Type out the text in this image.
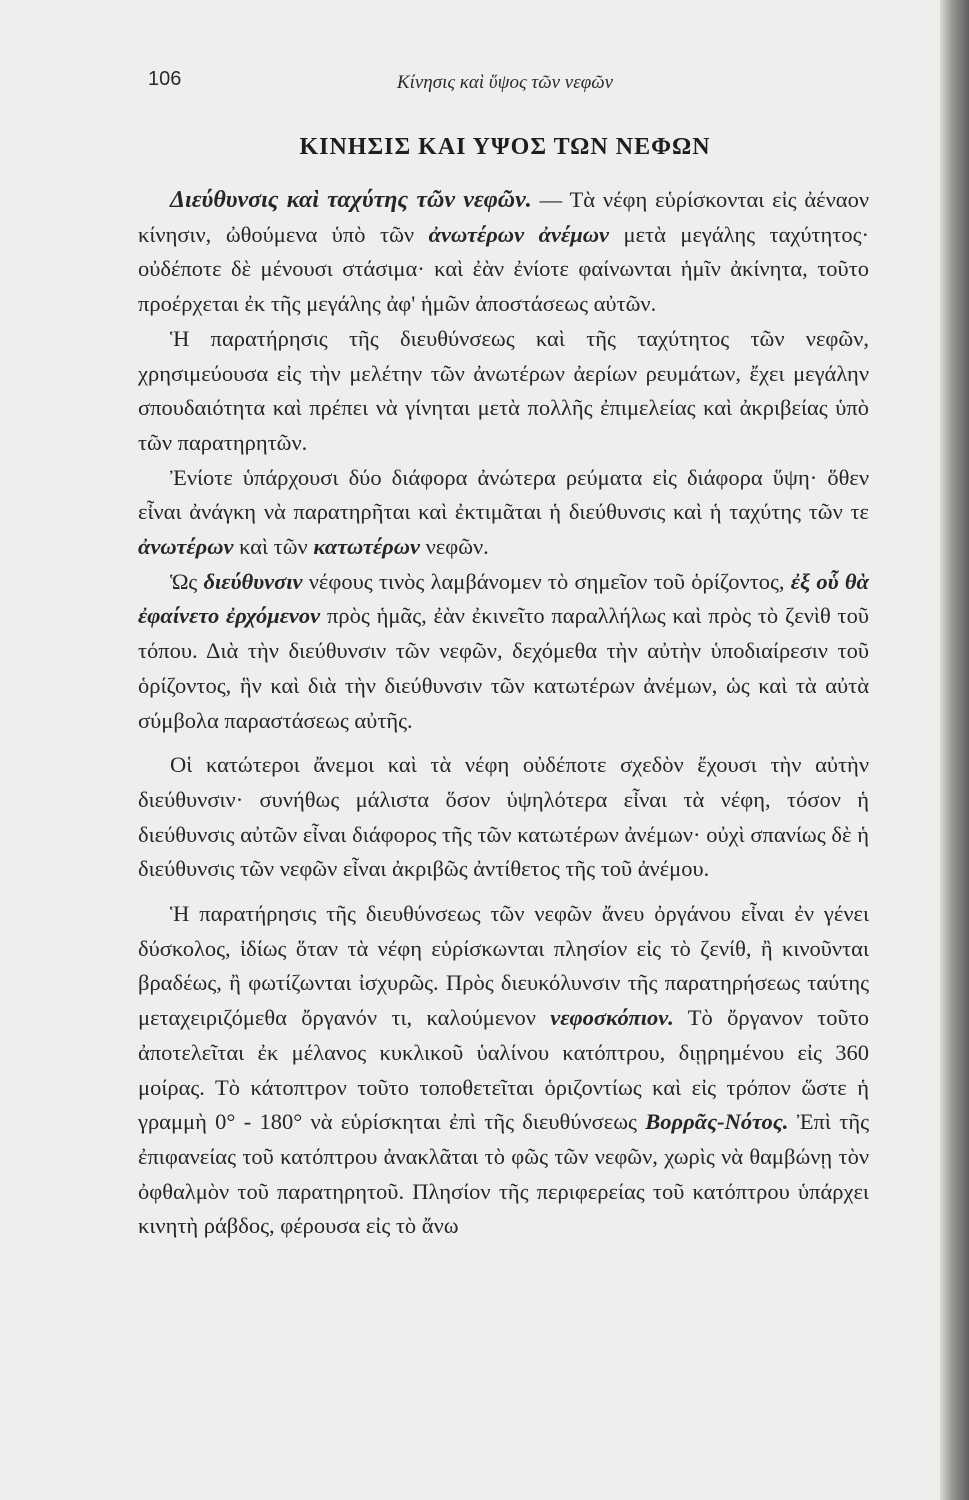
106	Κίνησις καὶ ὕψος τῶν νεφῶν
ΚΙΝΗΣΙΣ ΚΑΙ ΥΨΟΣ ΤΩΝ ΝΕΦΩΝ

Διεύθυνσις καὶ ταχύτης τῶν νεφῶν. — Τὰ νέφη εὑρίσκονται εἰς ἀέναον κίνησιν, ὠθούμενα ὑπὸ τῶν ἀνωτέρων ἀνέμων μετὰ μεγάλης ταχύτητος· οὐδέποτε δὲ μένουσι στάσιμα· καὶ ἐὰν ἐνίοτε φαίνωνται ἡμῖν ἀκίνητα, τοῦτο προέρχεται ἐκ τῆς μεγάλης ἀφ' ἡμῶν ἀποστάσεως αὐτῶν.

Ἡ παρατήρησις τῆς διευθύνσεως καὶ τῆς ταχύτητος τῶν νεφῶν, χρησιμεύουσα εἰς τὴν μελέτην τῶν ἀνωτέρων ἀερίων ρευμάτων, ἔχει μεγάλην σπουδαιότητα καὶ πρέπει νὰ γίνηται μετὰ πολλῆς ἐπιμελείας καὶ ἀκριβείας ὑπὸ τῶν παρατηρητῶν.

Ἐνίοτε ὑπάρχουσι δύο διάφορα ἀνώτερα ρεύματα εἰς διάφορα ὕψη· ὅθεν εἶναι ἀνάγκη νὰ παρατηρῆται καὶ ἐκτιμᾶται ἡ διεύθυνσις καὶ ἡ ταχύτης τῶν τε ἀνωτέρων καὶ τῶν κατωτέρων νεφῶν.

Ὡς διεύθυνσιν νέφους τινὸς λαμβάνομεν τὸ σημεῖον τοῦ ὁρίζοντος, ἐξ οὗ θὰ ἐφαίνετο ἐρχόμενον πρὸς ἡμᾶς, ἐὰν ἐκινεῖτο παραλλήλως καὶ πρὸς τὸ ζενὶθ τοῦ τόπου. Διὰ τὴν διεύθυνσιν τῶν νεφῶν, δεχόμεθα τὴν αὐτὴν ὑποδιαίρεσιν τοῦ ὁρίζοντος, ἣν καὶ διὰ τὴν διεύθυνσιν τῶν κατωτέρων ἀνέμων, ὡς καὶ τὰ αὐτὰ σύμβολα παραστάσεως αὐτῆς.

Οἱ κατώτεροι ἄνεμοι καὶ τὰ νέφη οὐδέποτε σχεδὸν ἔχουσι τὴν αὐτὴν διεύθυνσιν· συνήθως μάλιστα ὅσον ὑψηλότερα εἶναι τὰ νέφη, τόσον ἡ διεύθυνσις αὐτῶν εἶναι διάφορος τῆς τῶν κατωτέρων ἀνέμων· οὐχὶ σπανίως δὲ ἡ διεύθυνσις τῶν νεφῶν εἶναι ἀκριβῶς ἀντίθετος τῆς τοῦ ἀνέμου.

Ἡ παρατήρησις τῆς διευθύνσεως τῶν νεφῶν ἄνευ ὀργάνου εἶναι ἐν γένει δύσκολος, ἰδίως ὅταν τὰ νέφη εὑρίσκωνται πλησίον εἰς τὸ ζενίθ, ἢ κινοῦνται βραδέως, ἢ φωτίζωνται ἰσχυρῶς. Πρὸς διευκόλυνσιν τῆς παρατηρήσεως ταύτης μεταχειριζόμεθα ὄργανόν τι, καλούμενον νεφοσκόπιον. Τὸ ὄργανον τοῦτο ἀποτελεῖται ἐκ μέλανος κυκλικοῦ ὑαλίνου κατόπτρου, διῃρημένου εἰς 360 μοίρας. Τὸ κάτοπτρον τοῦτο τοποθετεῖται ὁριζοντίως καὶ εἰς τρόπον ὥστε ἡ γραμμὴ 0° - 180° νὰ εὑρίσκηται ἐπὶ τῆς διευθύνσεως Βορρᾶς-Νότος. Ἐπὶ τῆς ἐπιφανείας τοῦ κατόπτρου ἀνακλᾶται τὸ φῶς τῶν νεφῶν, χωρὶς νὰ θαμβώνῃ τὸν ὀφθαλμὸν τοῦ παρατηρητοῦ. Πλησίον τῆς περιφερείας τοῦ κατόπτρου ὑπάρχει κινητὴ ράβδος, φέρουσα εἰς τὸ ἄνω
